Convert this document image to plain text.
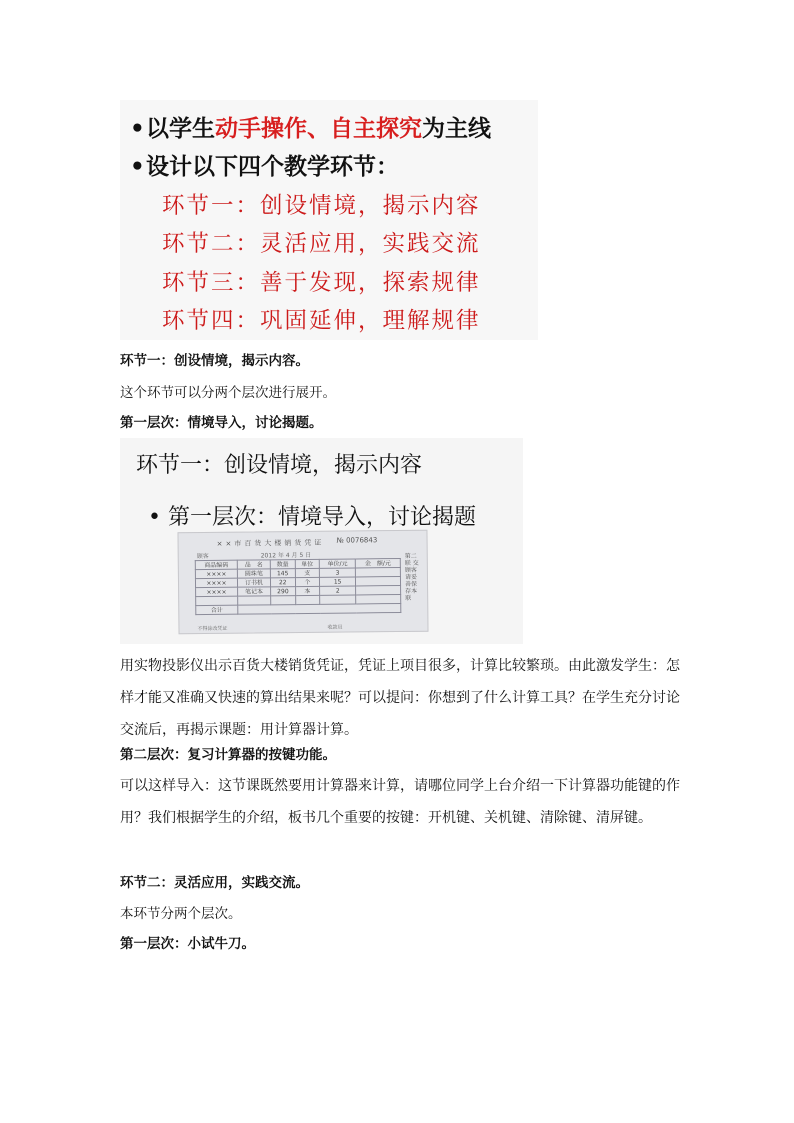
•以学生动手操作、自主探究为主线
•设计以下四个教学环节：
环节一：创设情境，揭示内容
环节二：灵活应用，实践交流
环节三：善于发现，探索规律
环节四：巩固延伸，理解规律
环节一：创设情境，揭示内容。
这个环节可以分两个层次进行展开。
第一层次：情境导入，讨论揭题。
环节一：创设情境，揭示内容
• 第一层次：情境导入，讨论揭题
××市百货大楼销货凭证 № 0076843
顾客	2012 年 4 月 5 日
商品编码	品　名	数量	单位	单价/元	金　额/元
××××	圆珠笔	145	支	3	
××××	订书机	22	个	15	
××××	笔记本	290	本	2	

合计					
不得涂改凭证	收款员
第二联 交顾客 请妥善保存本联
用实物投影仪出示百货大楼销货凭证，凭证上项目很多，计算比较繁琐。由此激发学生：怎样才能又准确又快速的算出结果来呢？可以提问：你想到了什么计算工具？在学生充分讨论交流后，再揭示课题：用计算器计算。
第二层次：复习计算器的按键功能。
可以这样导入：这节课既然要用计算器来计算，请哪位同学上台介绍一下计算器功能键的作用？我们根据学生的介绍，板书几个重要的按键：开机键、关机键、清除键、清屏键。
环节二：灵活应用，实践交流。
本环节分两个层次。
第一层次：小试牛刀。
